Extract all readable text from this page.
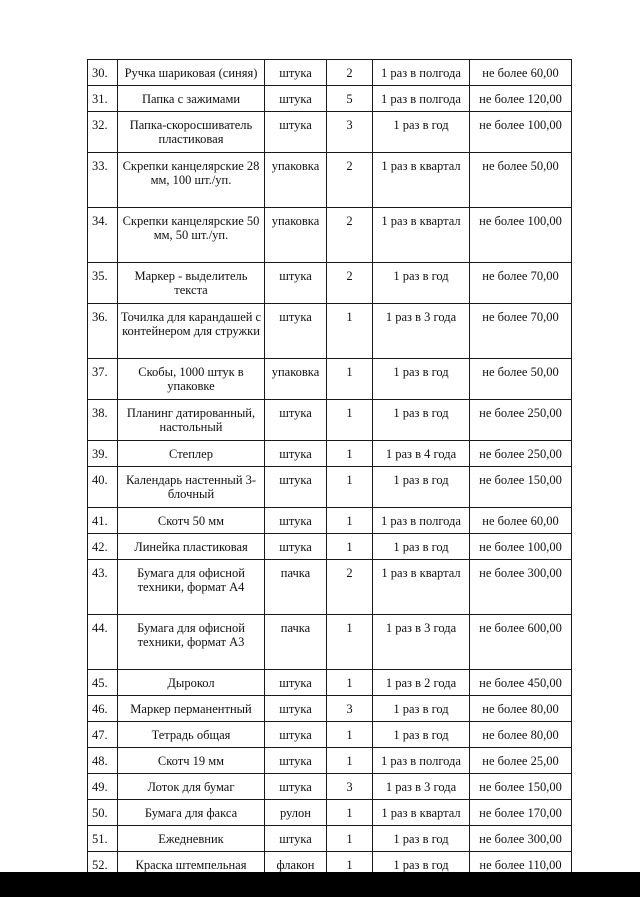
30.	Ручка шариковая (синяя)	штука	2	1 раз в полгода	не более 60,00
31.	Папка с зажимами	штука	5	1 раз в полгода	не более 120,00
32.	Папка-скоросшиватель пластиковая	штука	3	1 раз в год	не более 100,00
33.	Скрепки канцелярские 28 мм, 100 шт./уп.	упаковка	2	1 раз в квартал	не более 50,00
34.	Скрепки канцелярские 50 мм, 50 шт./уп.	упаковка	2	1 раз в квартал	не более 100,00
35.	Маркер - выделитель текста	штука	2	1 раз в год	не более 70,00
36.	Точилка для карандашей с контейнером для стружки	штука	1	1 раз в 3 года	не более 70,00
37.	Скобы, 1000 штук в упаковке	упаковка	1	1 раз в год	не более 50,00
38.	Планинг датированный, настольный	штука	1	1 раз в год	не более 250,00
39.	Степлер	штука	1	1 раз в 4 года	не более 250,00
40.	Календарь настенный 3-блочный	штука	1	1 раз в год	не более 150,00
41.	Скотч 50 мм	штука	1	1 раз в полгода	не более 60,00
42.	Линейка пластиковая	штука	1	1 раз в год	не более 100,00
43.	Бумага для офисной техники, формат А4	пачка	2	1 раз в квартал	не более 300,00
44.	Бумага для офисной техники, формат А3	пачка	1	1 раз в 3 года	не более 600,00
45.	Дырокол	штука	1	1 раз в 2 года	не более 450,00
46.	Маркер перманентный	штука	3	1 раз в год	не более 80,00
47.	Тетрадь общая	штука	1	1 раз в год	не более 80,00
48.	Скотч 19 мм	штука	1	1 раз в полгода	не более 25,00
49.	Лоток для бумаг	штука	3	1 раз в 3 года	не более 150,00
50.	Бумага для факса	рулон	1	1 раз в квартал	не более 170,00
51.	Ежедневник	штука	1	1 раз в год	не более 300,00
52.	Краска штемпельная	флакон	1	1 раз в год	не более 110,00
